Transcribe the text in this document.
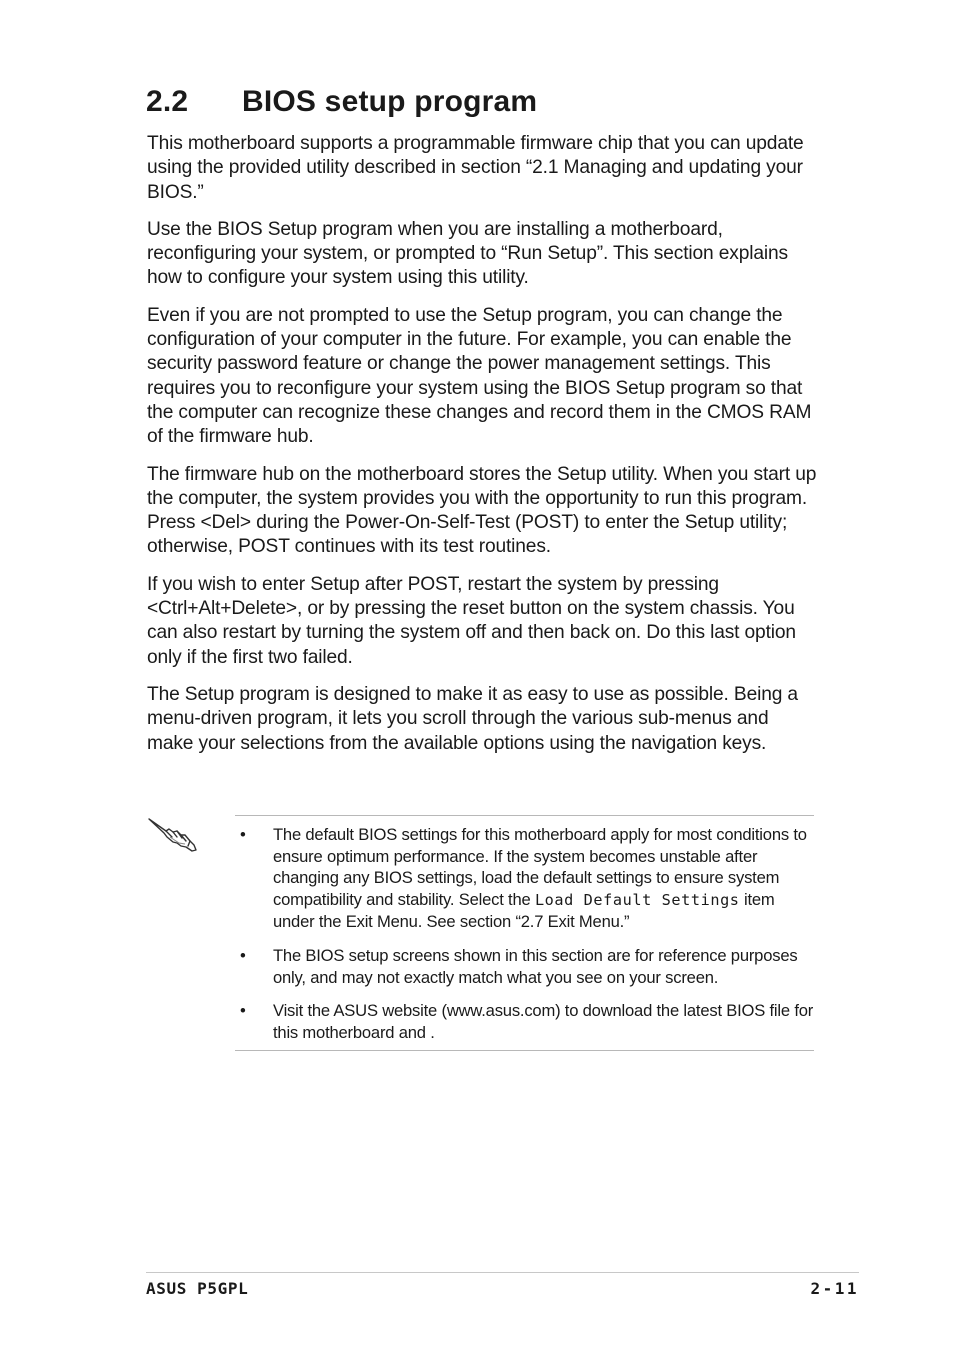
2.2 BIOS setup program

This motherboard supports a programmable firmware chip that you can update using the provided utility described in section “2.1 Managing and updating your BIOS.”

Use the BIOS Setup program when you are installing a motherboard, reconfiguring your system, or prompted to “Run Setup”. This section explains how to configure your system using this utility.

Even if you are not prompted to use the Setup program, you can change the configuration of your computer in the future. For example, you can enable the security password feature or change the power management settings. This requires you to reconfigure your system using the BIOS Setup program so that the computer can recognize these changes and record them in the CMOS RAM of the firmware hub.

The firmware hub on the motherboard stores the Setup utility. When you start up the computer, the system provides you with the opportunity to run this program. Press <Del> during the Power-On-Self-Test (POST) to enter the Setup utility; otherwise, POST continues with its test routines.

If you wish to enter Setup after POST, restart the system by pressing <Ctrl+Alt+Delete>, or by pressing the reset button on the system chassis. You can also restart by turning the system off and then back on. Do this last option only if the first two failed.

The Setup program is designed to make it as easy to use as possible. Being a menu-driven program, it lets you scroll through the various sub-menus and make your selections from the available options using the navigation keys.

• The default BIOS settings for this motherboard apply for most conditions to ensure optimum performance. If the system becomes unstable after changing any BIOS settings, load the default settings to ensure system compatibility and stability. Select the Load Default Settings item under the Exit Menu. See section “2.7 Exit Menu.”
• The BIOS setup screens shown in this section are for reference purposes only, and may not exactly match what you see on your screen.
• Visit the ASUS website (www.asus.com) to download the latest BIOS file for this motherboard and .
ASUS P5GPL	2-11
